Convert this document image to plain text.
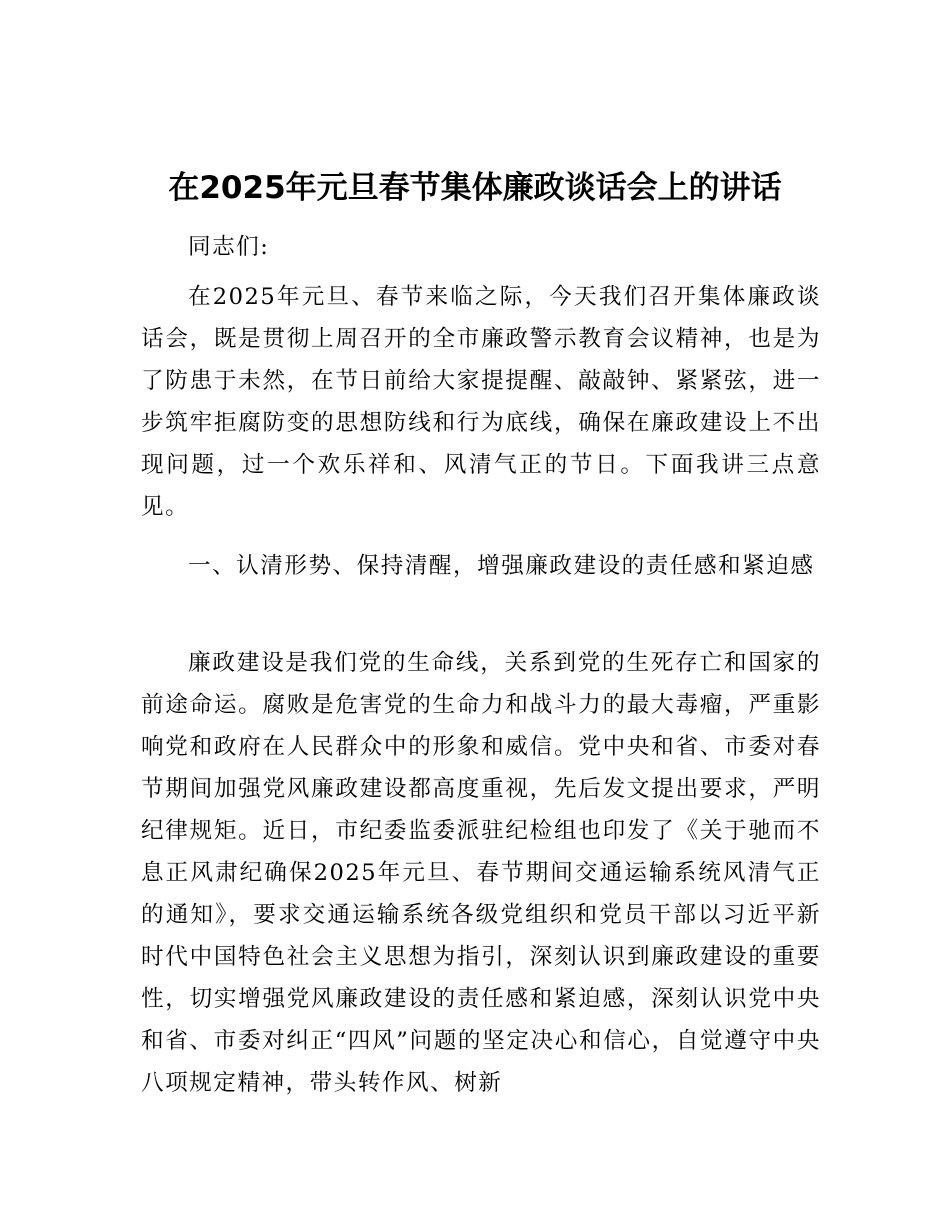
在2025年元旦春节集体廉政谈话会上的讲话

同志们:

在2025年元旦、春节来临之际，今天我们召开集体廉政谈话会，既是贯彻上周召开的全市廉政警示教育会议精神，也是为了防患于未然，在节日前给大家提提醒、敲敲钟、紧紧弦，进一步筑牢拒腐防变的思想防线和行为底线，确保在廉政建设上不出现问题，过一个欢乐祥和、风清气正的节日。下面我讲三点意见。

一、认清形势、保持清醒，增强廉政建设的责任感和紧迫感

廉政建设是我们党的生命线，关系到党的生死存亡和国家的前途命运。腐败是危害党的生命力和战斗力的最大毒瘤，严重影响党和政府在人民群众中的形象和威信。党中央和省、市委对春节期间加强党风廉政建设都高度重视，先后发文提出要求，严明纪律规矩。近日，市纪委监委派驻纪检组也印发了《关于驰而不息正风肃纪确保2025年元旦、春节期间交通运输系统风清气正的通知》，要求交通运输系统各级党组织和党员干部以习近平新时代中国特色社会主义思想为指引，深刻认识到廉政建设的重要性，切实增强党风廉政建设的责任感和紧迫感，深刻认识党中央和省、市委对纠正“四风”问题的坚定决心和信心，自觉遵守中央八项规定精神，带头转作风、树新
